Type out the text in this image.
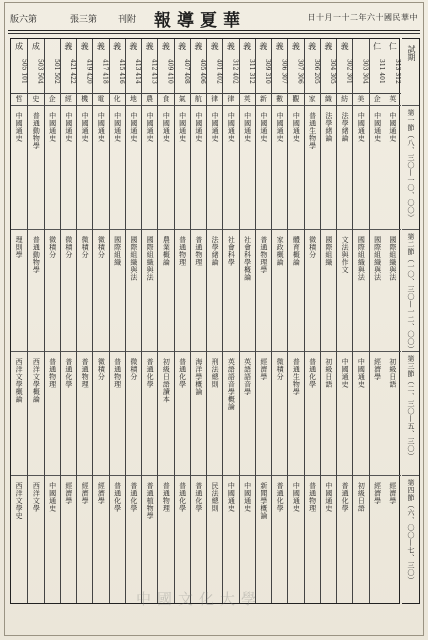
版六第	張三第 刊附 報導夏華	日十月一十二年六十國民華中
仁
313 312
英
中國通史
國際組織與法
初級日語
經濟學
仁
311 401
企
中國通史
國際組織與法
經濟學
經濟學
303 304
美
中國通史
國際組織與法
中國通史
初級日語
義
302 301
紡
法學緒論
文法與作文
中國通史
普通化學
義
304 305
織
法學緒論
國際組織
初級日語
中國通史
義
306 205
家
普通生物學
微積分
普通化學
普通物理
義
307 306
觀
中國通史
體育概論
普通生物學
中國通史
義
306 307
數
中國通史
家政概論
微積分
普通化學
義
309 310
新
中國通史
普通物理學
經濟學
新聞學概論
義
311 312
英
中國通史
社會科學概論
英語語音學
中國通史
義
312 402
律
中國通史
社會科學
英語語音學概論
中國通史
義
401 402
律
中國通史
法學緒論
刑法總則
民法總則
義
405 406
航
中國通史
普通物理
海洋學概論
普通化學
義
407 408
氣
中國通史
普通物理
普通化學
普通化學
義
409 410
食
中國通史
農業概論
初級日語讀本
普通物理
義
412 413
農
中國通史
國際組織與法
普通化學
普通植物學
義
413 414
地
中國通史
國際組織與法
微積分
普通化學
義
415 416
化
中國通史
國際組織
普通物理
普通化學
義
417 418
電
中國通史
微積分
微積分
經濟學
義
419 420
機
中國通史
微積分
普通物理
經濟學
義
421 422
經
中國通史
微積分
普通化學
經濟學
501 502
企
中國通史
微積分
普通物理
中國通史
成
503 504
史
普通動物學
普通動物學
西洋文學概論
西洋文學
成
505 101
哲
中國通史
理則學
西洋文學概論
西洋文學史
試期
第一節（八、三〇—一〇、〇〇）
第二節（一〇、三〇—一二、〇〇）
第三節（二、三〇—五、三〇）
第四節（六、〇〇—七、三〇）
中國文化大學
